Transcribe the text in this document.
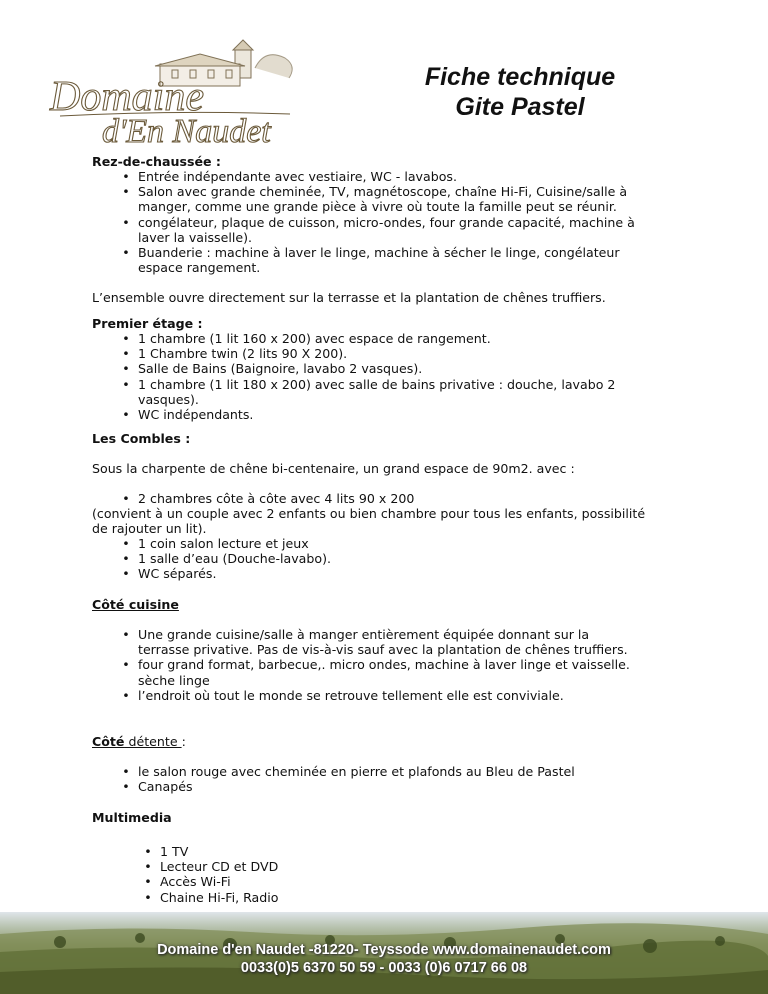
Domaine
d'En Naudet
Fiche technique
Gite Pastel
Rez-de-chaussée :
• Entrée indépendante avec vestiaire, WC - lavabos.
• Salon avec grande cheminée, TV, magnétoscope, chaîne Hi-Fi, Cuisine/salle à
manger, comme une grande pièce à vivre où toute la famille peut se réunir.
• congélateur, plaque de cuisson, micro-ondes, four grande capacité, machine à
laver la vaisselle).
• Buanderie : machine à laver le linge, machine à sécher le linge, congélateur
espace rangement.
L’ensemble ouvre directement sur la terrasse et la plantation de chênes truffiers.
Premier étage :
• 1 chambre (1 lit 160 x 200) avec espace de rangement.
• 1 Chambre twin (2 lits 90 X 200).
• Salle de Bains (Baignoire, lavabo 2 vasques).
• 1 chambre (1 lit 180 x 200) avec salle de bains privative : douche, lavabo 2
vasques).
• WC indépendants.
Les Combles :
Sous la charpente de chêne bi-centenaire, un grand espace de 90m2. avec :
• 2 chambres côte à côte avec 4 lits 90 x 200
(convient à un couple avec 2 enfants ou bien chambre pour tous les enfants, possibilité
de rajouter un lit).
• 1 coin salon lecture et jeux
• 1 salle d’eau (Douche-lavabo).
• WC séparés.
Côté cuisine
• Une grande cuisine/salle à manger entièrement équipée donnant sur la
terrasse privative. Pas de vis-à-vis sauf avec la plantation de chênes truffiers.
• four grand format, barbecue,. micro ondes, machine à laver linge et vaisselle.
sèche linge
• l’endroit où tout le monde se retrouve tellement elle est conviviale.
Côté détente :
• le salon rouge avec cheminée en pierre et plafonds au Bleu de Pastel
• Canapés
Multimedia
• 1 TV
• Lecteur CD et DVD
• Accès Wi-Fi
• Chaine Hi-Fi, Radio
Domaine d'en Naudet -81220- Teyssode www.domainenaudet.com
0033(0)5 6370 50 59 - 0033 (0)6 0717 66 08
